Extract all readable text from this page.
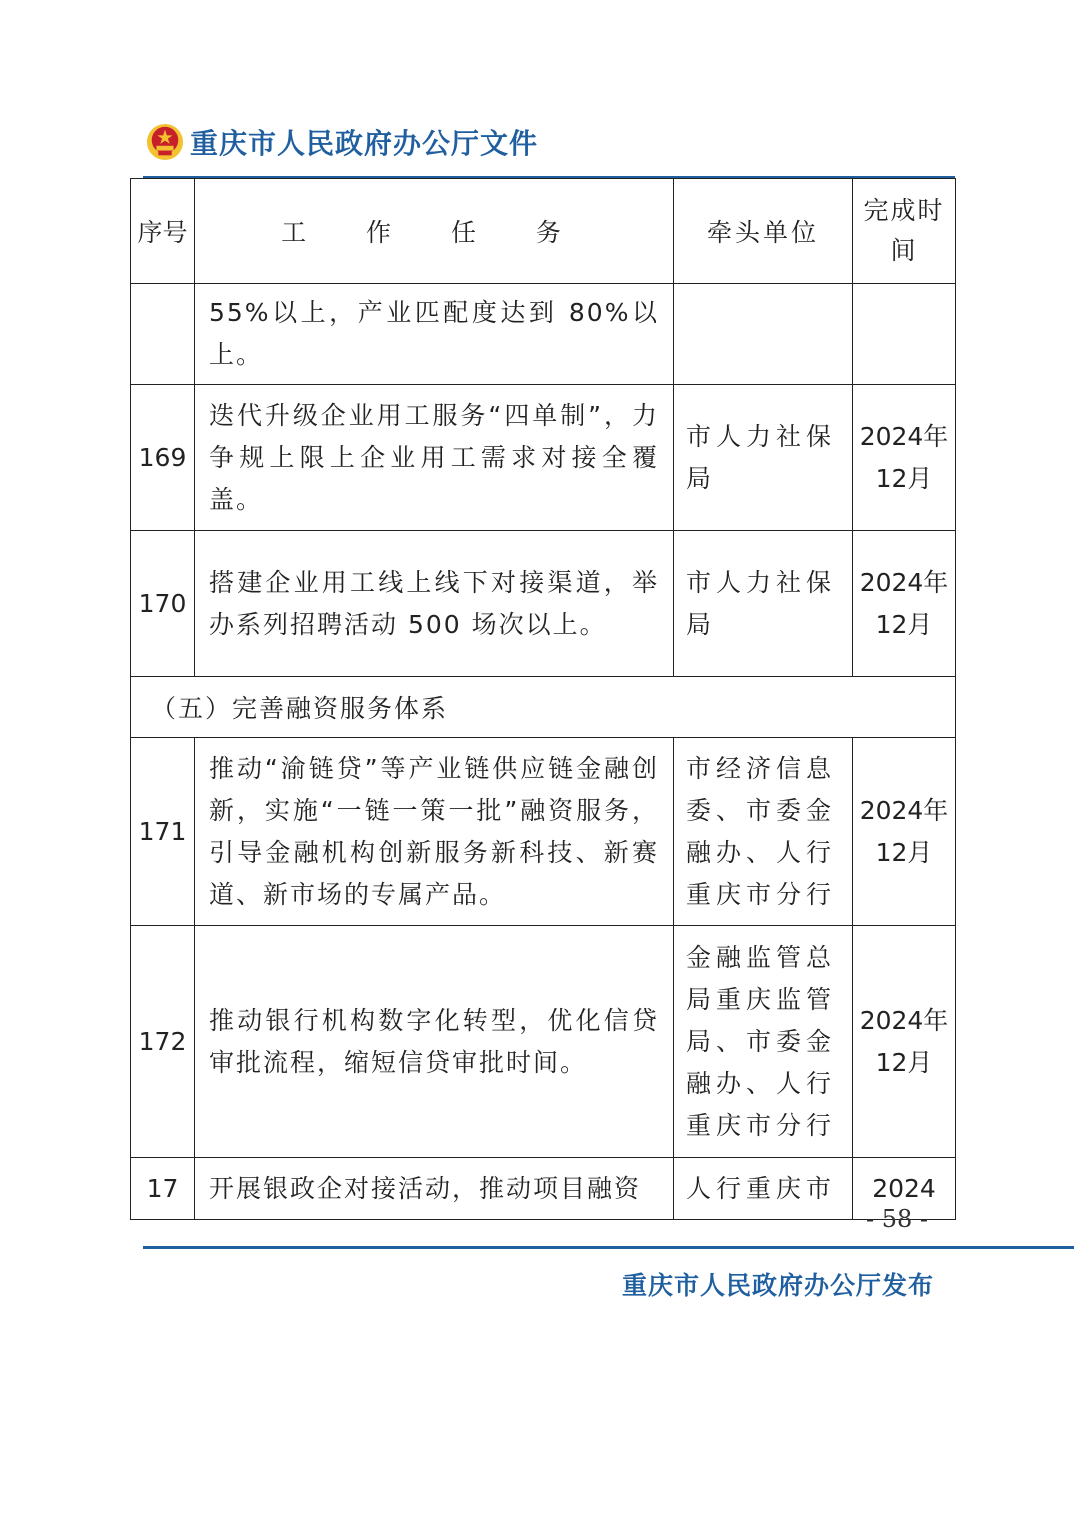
重庆市人民政府办公厅文件
序号	工 作 任 务	牵头单位	完成时间
	55%以上，产业匹配度达到 80%以上。		
169	迭代升级企业用工服务“四单制”，力争规上限上企业用工需求对接全覆盖。	市人力社保局	2024年12月
170	搭建企业用工线上线下对接渠道，举办系列招聘活动 500 场次以上。	市人力社保局	2024年12月
（五）完善融资服务体系			
171	推动“渝链贷”等产业链供应链金融创新，实施“一链一策一批”融资服务，引导金融机构创新服务新科技、新赛道、新市场的专属产品。	市经济信息委、市委金融办、人行重庆市分行	2024年12月
172	推动银行机构数字化转型，优化信贷审批流程，缩短信贷审批时间。	金融监管总局重庆监管局、市委金融办、人行重庆市分行	2024年12月
17	开展银政企对接活动，推动项目融资	人行重庆市	2024
- 58 -
重庆市人民政府办公厅发布
